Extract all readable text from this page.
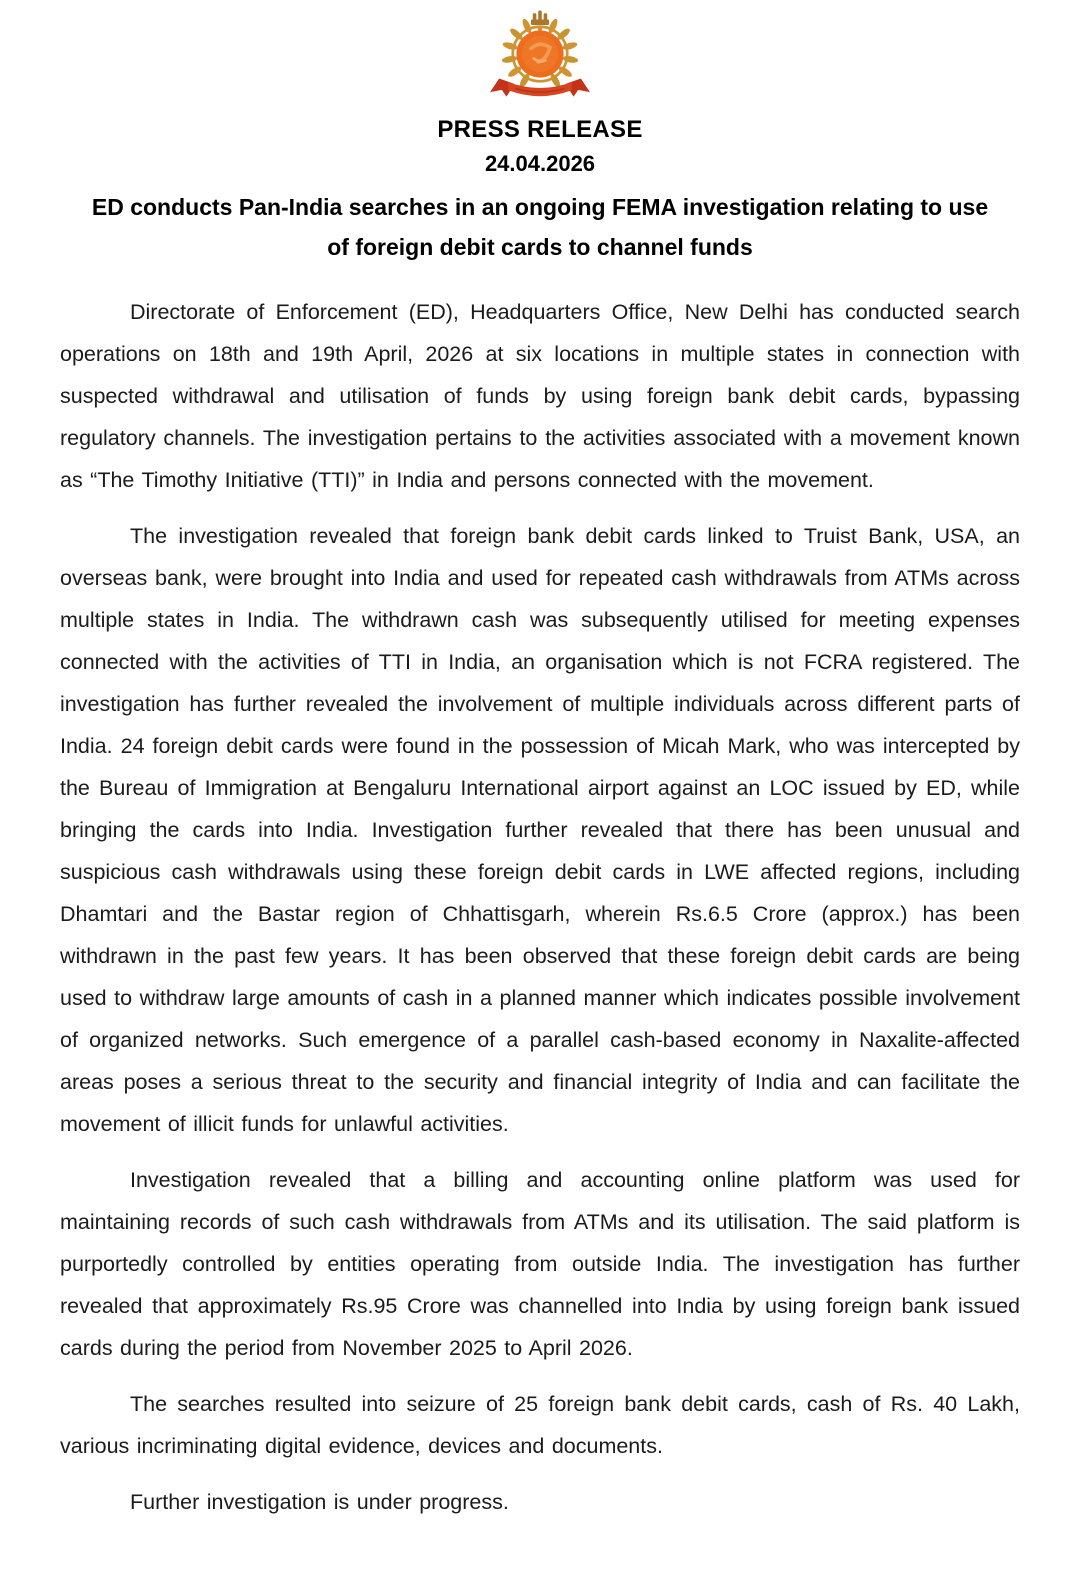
PRESS RELEASE
24.04.2026
ED conducts Pan-India searches in an ongoing FEMA investigation relating to use
of foreign debit cards to channel funds

Directorate of Enforcement (ED), Headquarters Office, New Delhi has conducted search operations on 18th and 19th April, 2026 at six locations in multiple states in connection with suspected withdrawal and utilisation of funds by using foreign bank debit cards, bypassing regulatory channels. The investigation pertains to the activities associated with a movement known as “The Timothy Initiative (TTI)” in India and persons connected with the movement.

The investigation revealed that foreign bank debit cards linked to Truist Bank, USA, an overseas bank, were brought into India and used for repeated cash withdrawals from ATMs across multiple states in India. The withdrawn cash was subsequently utilised for meeting expenses connected with the activities of TTI in India, an organisation which is not FCRA registered. The investigation has further revealed the involvement of multiple individuals across different parts of India. 24 foreign debit cards were found in the possession of Micah Mark, who was intercepted by the Bureau of Immigration at Bengaluru International airport against an LOC issued by ED, while bringing the cards into India. Investigation further revealed that there has been unusual and suspicious cash withdrawals using these foreign debit cards in LWE affected regions, including Dhamtari and the Bastar region of Chhattisgarh, wherein Rs.6.5 Crore (approx.) has been withdrawn in the past few years. It has been observed that these foreign debit cards are being used to withdraw large amounts of cash in a planned manner which indicates possible involvement of organized networks. Such emergence of a parallel cash-based economy in Naxalite-affected areas poses a serious threat to the security and financial integrity of India and can facilitate the movement of illicit funds for unlawful activities.

Investigation revealed that a billing and accounting online platform was used for maintaining records of such cash withdrawals from ATMs and its utilisation. The said platform is purportedly controlled by entities operating from outside India. The investigation has further revealed that approximately Rs.95 Crore was channelled into India by using foreign bank issued cards during the period from November 2025 to April 2026.

The searches resulted into seizure of 25 foreign bank debit cards, cash of Rs. 40 Lakh, various incriminating digital evidence, devices and documents.

Further investigation is under progress.
